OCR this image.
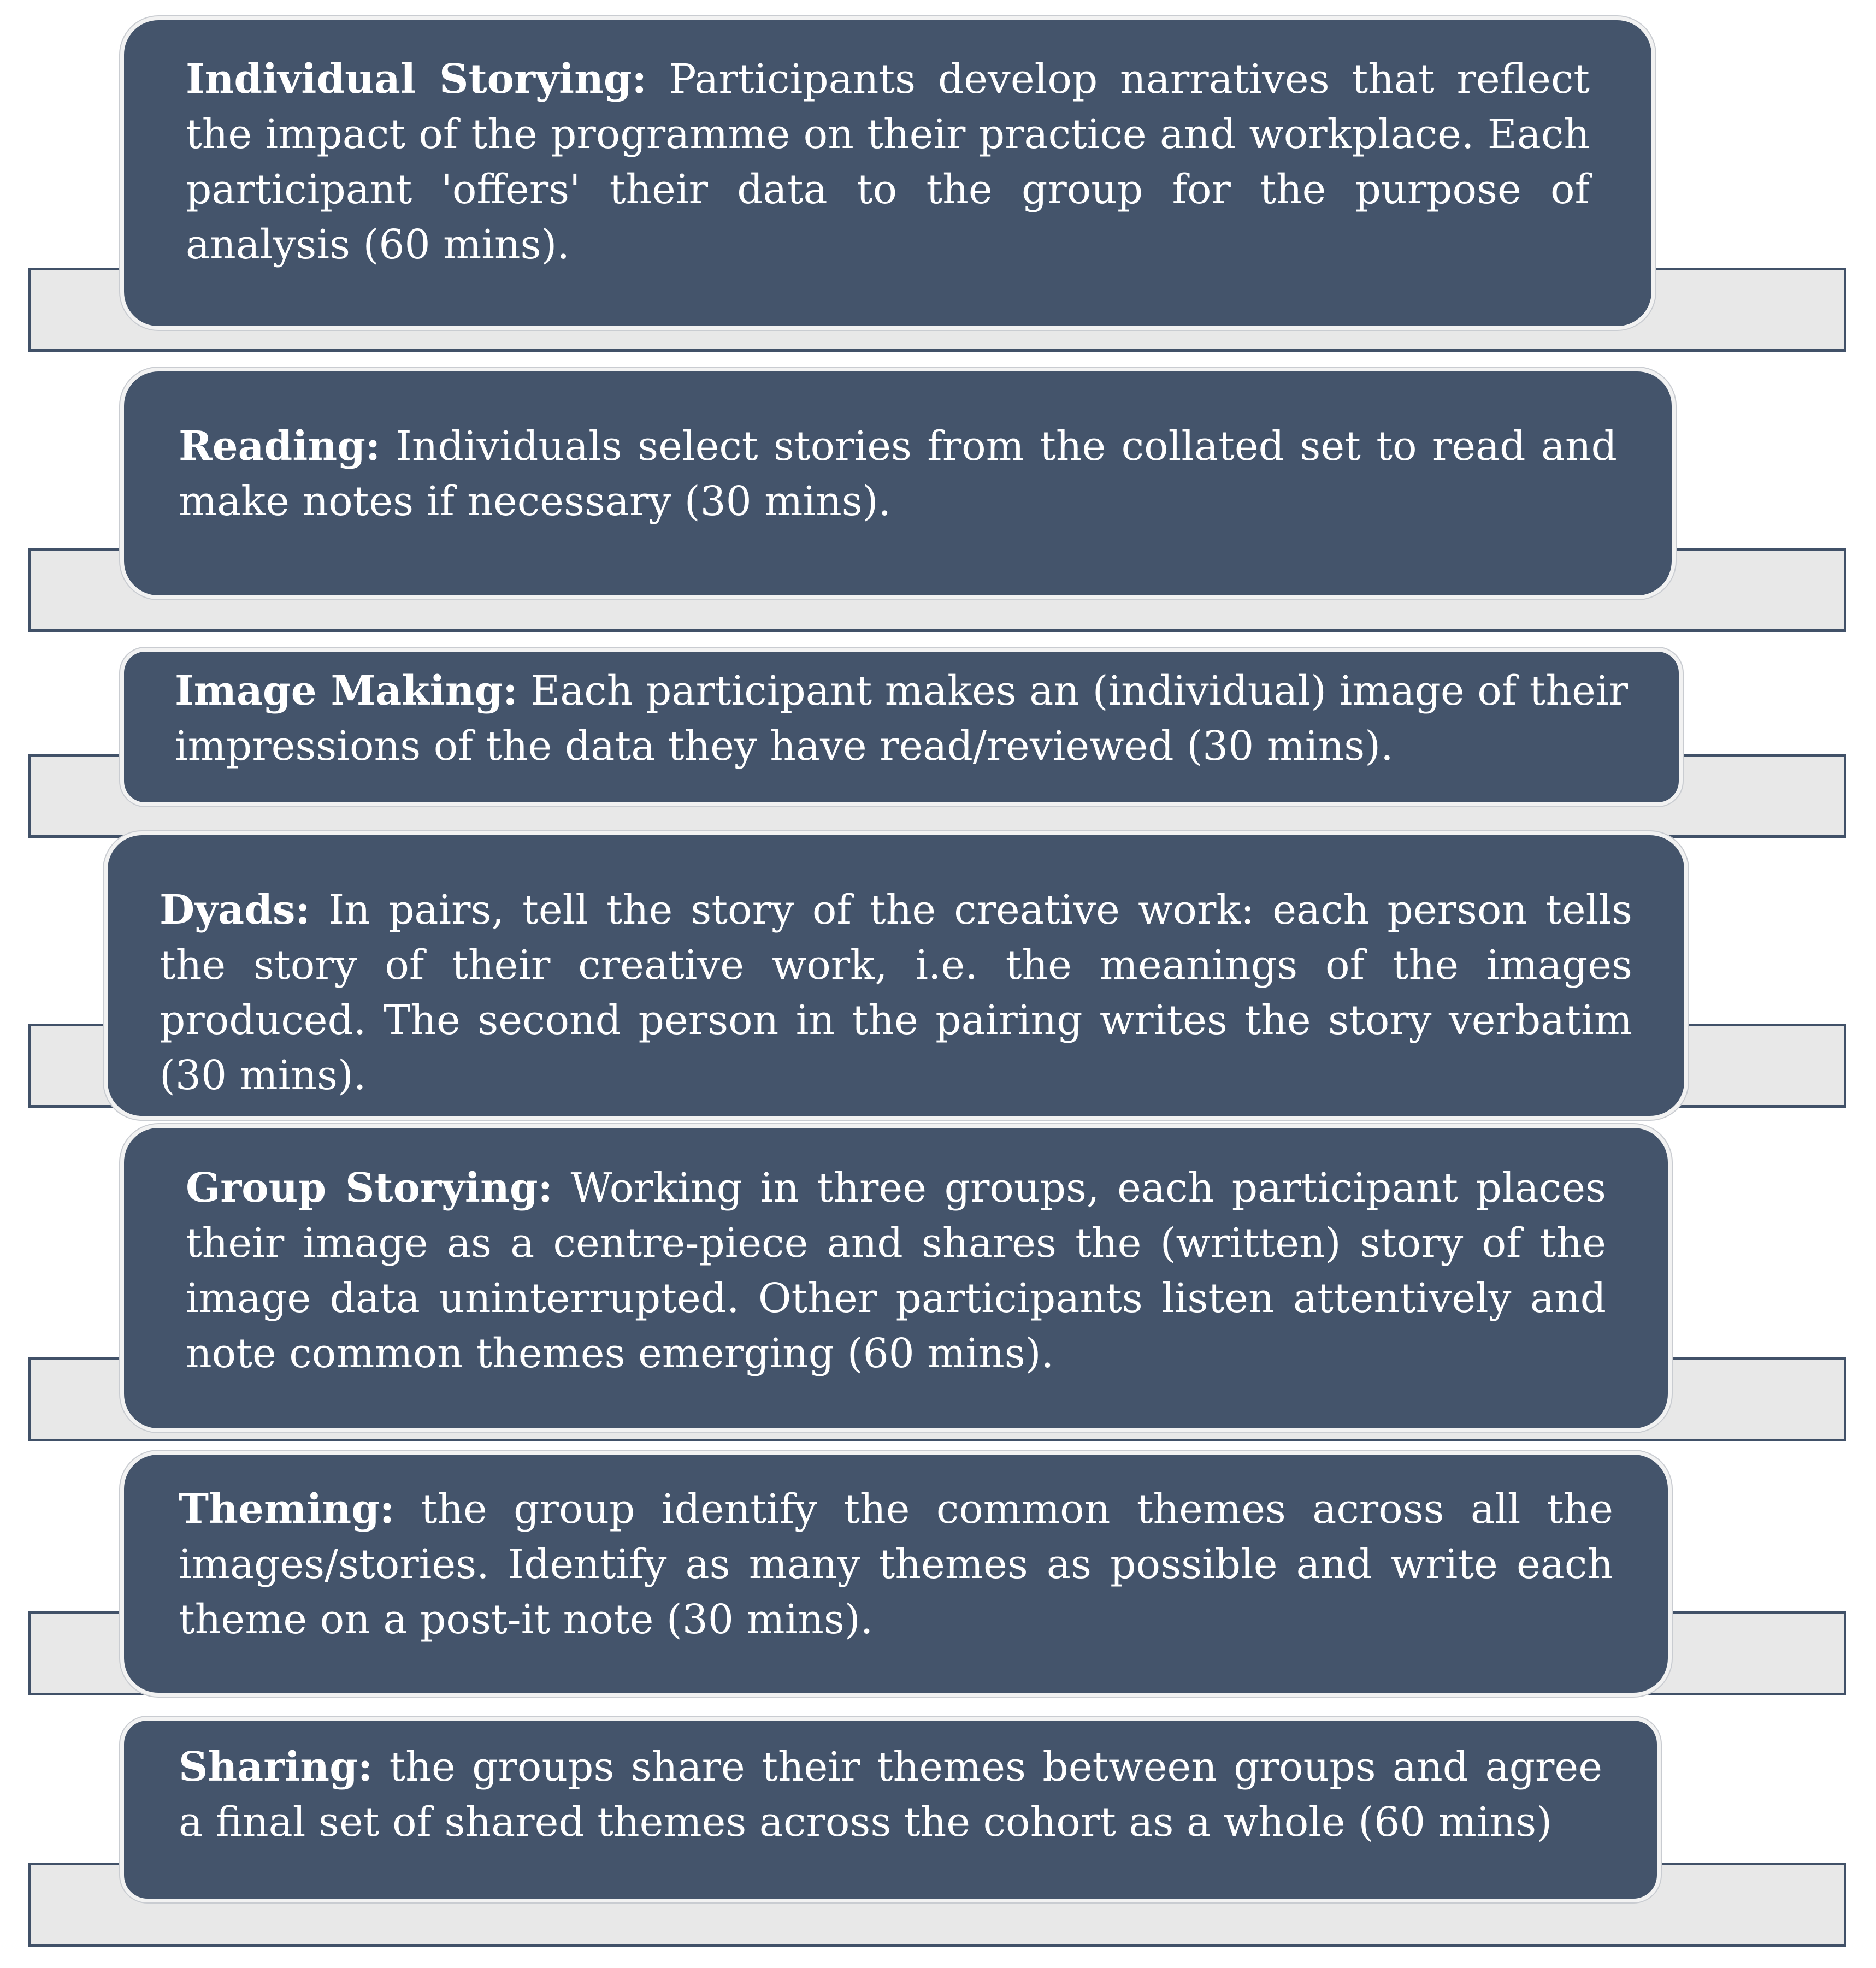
Individual Storying: Participants develop narratives that reflect the impact of the programme on their practice and workplace. Each participant 'offers' their data to the group for the purpose of analysis (60 mins).
Reading: Individuals select stories from the collated set to read and make notes if necessary (30 mins).
Image Making: Each participant makes an (individual) image of their impressions of the data they have read/reviewed (30 mins).
Dyads: In pairs, tell the story of the creative work: each person tells the story of their creative work, i.e. the meanings of the images produced. The second person in the pairing writes the story verbatim (30 mins).
Group Storying: Working in three groups, each participant places their image as a centre-piece and shares the (written) story of the image data uninterrupted. Other participants listen attentively and note common themes emerging (60 mins).
Theming: the group identify the common themes across all the images/stories. Identify as many themes as possible and write each theme on a post-it note (30 mins).
Sharing: the groups share their themes between groups and agree a final set of shared themes across the cohort as a whole (60 mins)
